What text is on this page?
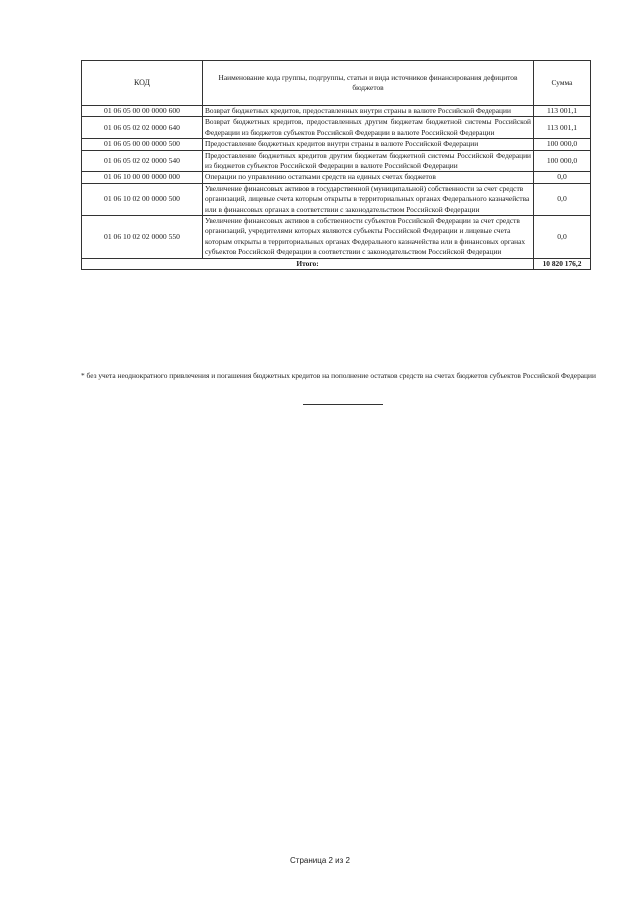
КОД	Наименование кода группы, подгруппы, статьи и вида источников финансирования дефицитов бюджетов	Сумма
01 06 05 00 00 0000 600	Возврат бюджетных кредитов, предоставленных внутри страны в валюте Российской Федерации	113 001,1
01 06 05 02 02 0000 640	Возврат бюджетных кредитов, предоставленных другим бюджетам бюджетной системы Российской Федерации из бюджетов субъектов Российской Федерации в валюте Российской Федерации	113 001,1
01 06 05 00 00 0000 500	Предоставление бюджетных кредитов внутри страны в валюте Российской Федерации	100 000,0
01 06 05 02 02 0000 540	Предоставление бюджетных кредитов другим бюджетам бюджетной системы Российской Федерации из бюджетов субъектов Российской Федерации в валюте Российской Федерации	100 000,0
01 06 10 00 00 0000 000	Операции по управлению остатками средств на единых счетах бюджетов	0,0
01 06 10 02 00 0000 500	Увеличение финансовых активов в государственной (муниципальной) собственности за счет средств организаций, лицевые счета которым открыты в территориальных органах Федерального казначейства или в финансовых органах в соответствии с законодательством Российской Федерации	0,0
01 06 10 02 02 0000 550	Увеличение финансовых активов в собственности субъектов Российской Федерации за счет средств организаций, учредителями которых являются субъекты Российской Федерации и лицевые счета которым открыты в территориальных органах Федерального казначейства или в финансовых органах субъектов Российской Федерации в соответствии с законодательством Российской Федерации	0,0
Итого:		10 820 176,2
* без учета неоднократного привлечения и погашения бюджетных кредитов на пополнение остатков средств на счетах бюджетов субъектов Российской Федерации
Страница 2 из 2
